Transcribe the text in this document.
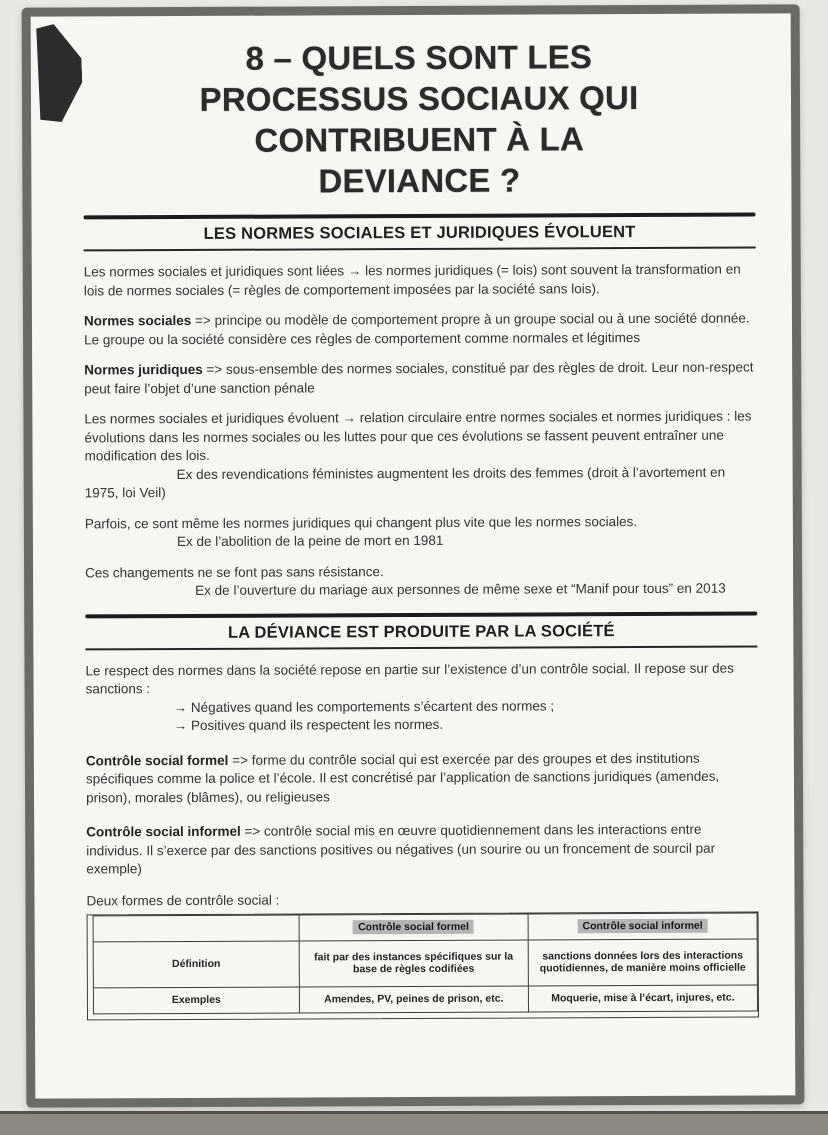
8 – QUELS SONT LES
PROCESSUS SOCIAUX QUI
CONTRIBUENT À LA
DEVIANCE ?
LES NORMES SOCIALES ET JURIDIQUES ÉVOLUENT

Les normes sociales et juridiques sont liées → les normes juridiques (= lois) sont souvent la transformation en lois de normes sociales (= règles de comportement imposées par la société sans lois).

Normes sociales => principe ou modèle de comportement propre à un groupe social ou à une société donnée. Le groupe ou la société considère ces règles de comportement comme normales et légitimes

Normes juridiques => sous-ensemble des normes sociales, constitué par des règles de droit. Leur non-respect peut faire l’objet d’une sanction pénale

Les normes sociales et juridiques évoluent → relation circulaire entre normes sociales et normes juridiques : les évolutions dans les normes sociales ou les luttes pour que ces évolutions se fassent peuvent entraîner une modification des lois.

Ex des revendications féministes augmentent les droits des femmes (droit à l’avortement en 1975, loi Veil)

Parfois, ce sont même les normes juridiques qui changent plus vite que les normes sociales.

Ex de l’abolition de la peine de mort en 1981

Ces changements ne se font pas sans résistance.

Ex de l’ouverture du mariage aux personnes de même sexe et “Manif pour tous” en 2013

LA DÉVIANCE EST PRODUITE PAR LA SOCIÉTÉ

Le respect des normes dans la société repose en partie sur l’existence d’un contrôle social. Il repose sur des sanctions :

→ Négatives quand les comportements s’écartent des normes ;
→ Positives quand ils respectent les normes.

Contrôle social formel => forme du contrôle social qui est exercée par des groupes et des institutions spécifiques comme la police et l’école. Il est concrétisé par l’application de sanctions juridiques (amendes, prison), morales (blâmes), ou religieuses

Contrôle social informel => contrôle social mis en œuvre quotidiennement dans les interactions entre individus. Il s’exerce par des sanctions positives ou négatives (un sourire ou un froncement de sourcil par exemple)

Deux formes de contrôle social :

	Contrôle social formel	Contrôle social informel
Définition	fait par des instances spécifiques sur la base de règles codifiées	sanctions données lors des interactions quotidiennes, de manière moins officielle
Exemples	Amendes, PV, peines de prison, etc.	Moquerie, mise à l’écart, injures, etc.
